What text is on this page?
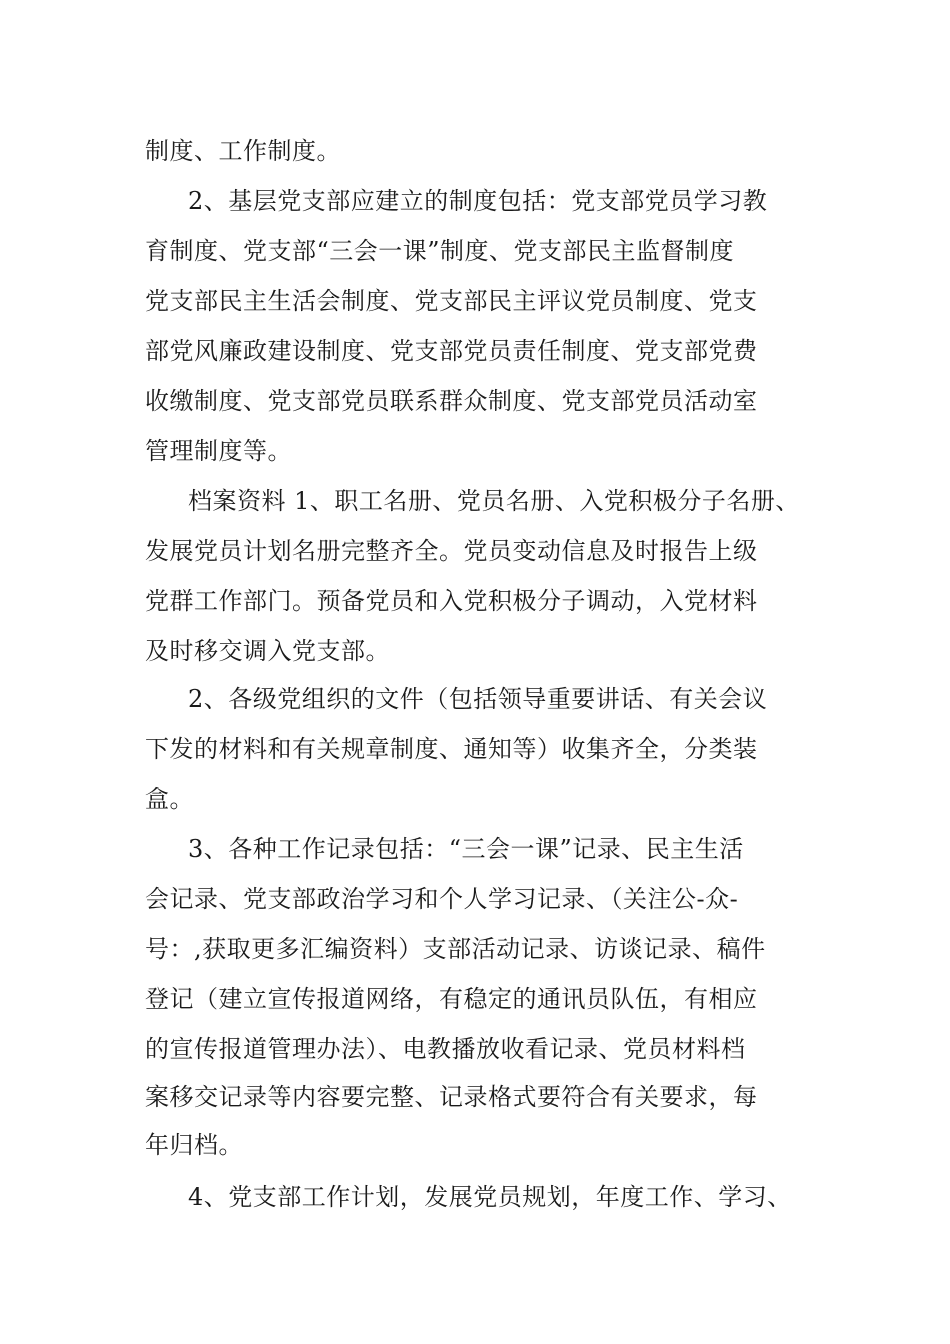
制度、工作制度。
2、基层党支部应建立的制度包括：党支部党员学习教
育制度、党支部“三会一课”制度、党支部民主监督制度
党支部民主生活会制度、党支部民主评议党员制度、党支
部党风廉政建设制度、党支部党员责任制度、党支部党费
收缴制度、党支部党员联系群众制度、党支部党员活动室
管理制度等。
档案资料 1、职工名册、党员名册、入党积极分子名册、
发展党员计划名册完整齐全。党员变动信息及时报告上级
党群工作部门。预备党员和入党积极分子调动，入党材料
及时移交调入党支部。
2、各级党组织的文件（包括领导重要讲话、有关会议
下发的材料和有关规章制度、通知等）收集齐全，分类装
盒。
3、各种工作记录包括：“三会一课”记录、民主生活
会记录、党支部政治学习和个人学习记录、（关注公-众-
号：,获取更多汇编资料）支部活动记录、访谈记录、稿件
登记（建立宣传报道网络，有稳定的通讯员队伍，有相应
的宣传报道管理办法）、电教播放收看记录、党员材料档
案移交记录等内容要完整、记录格式要符合有关要求，每
年归档。
4、党支部工作计划，发展党员规划，年度工作、学习、
